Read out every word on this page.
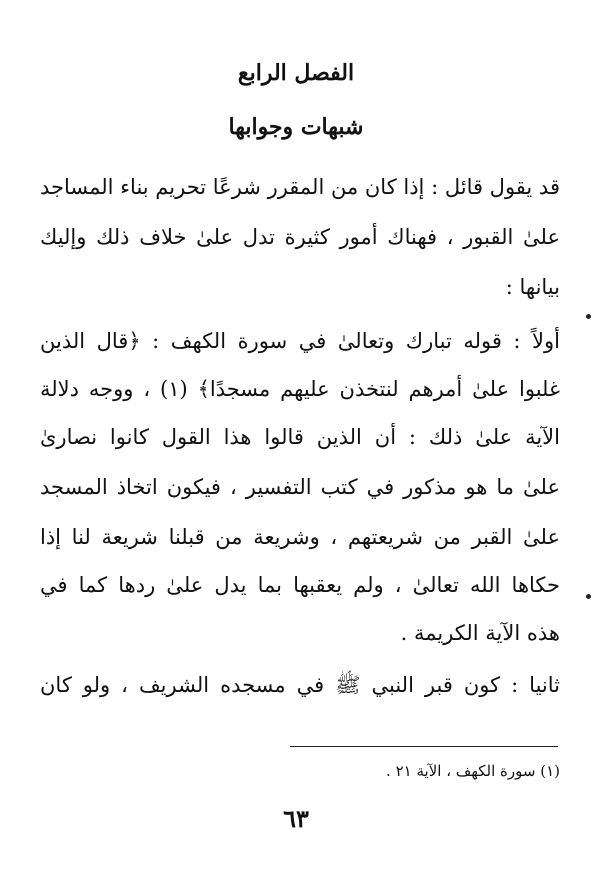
الفصل الرابع
شبهات وجوابها
قد يقول قائل : إذا كان من المقرر شرعًا تحريم بناء المساجد
علىٰ القبور ، فهناك أمور كثيرة تدل علىٰ خلاف ذلك وإليك
بيانها :
أولاً : قوله تبارك وتعالىٰ في سورة الكهف : ﴿قال الذين
غلبوا علىٰ أمرهم لنتخذن عليهم مسجدًا﴾ (١) ، ووجه دلالة
الآية علىٰ ذلك : أن الذين قالوا هذا القول كانوا نصارىٰ
علىٰ ما هو مذكور في كتب التفسير ، فيكون اتخاذ المسجد
علىٰ القبر من شريعتهم ، وشريعة من قبلنا شريعة لنا إذا
حكاها الله تعالىٰ ، ولم يعقبها بما يدل علىٰ ردها كما في
هذه الآية الكريمة .
ثانيا : كون قبر النبي ﷺ في مسجده الشريف ، ولو كان
(١) سورة الكهف ، الآية ٢١ .
٦٣
